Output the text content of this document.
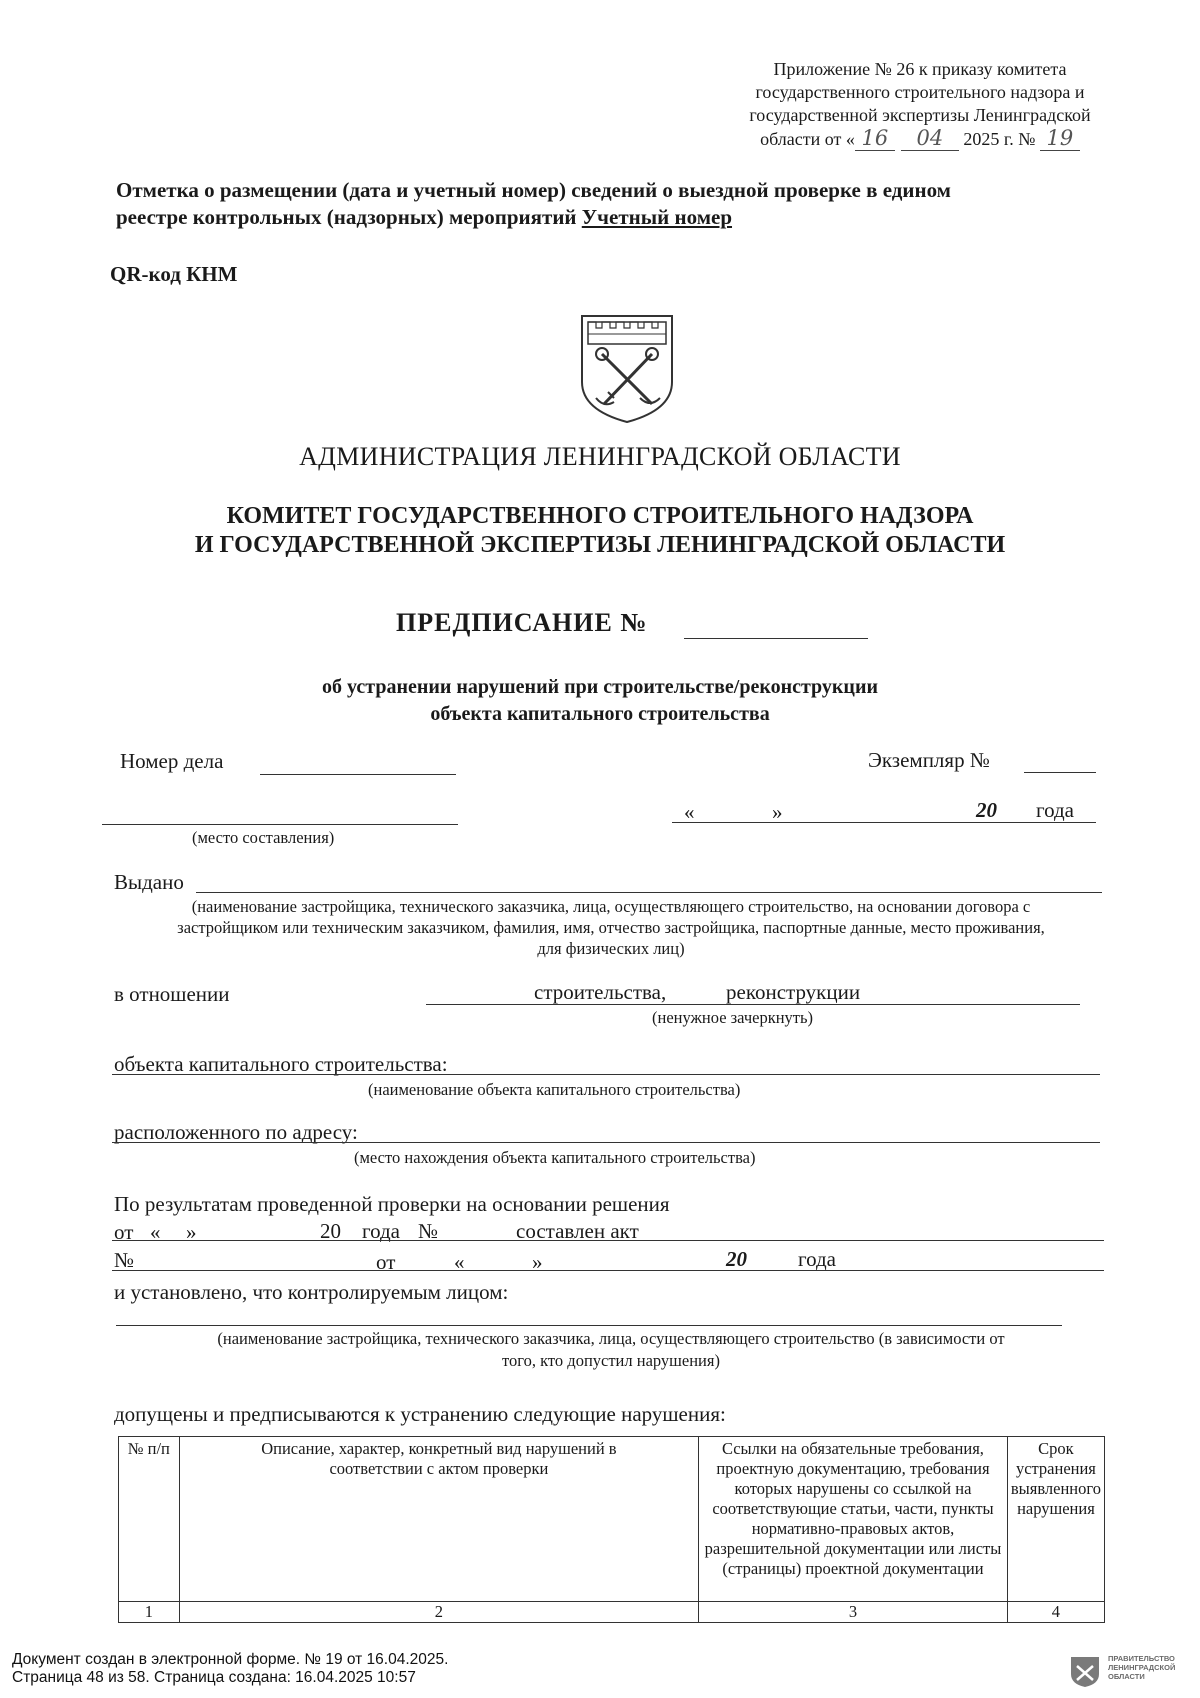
Приложение № 26 к приказу комитета
государственного строительного надзора и
государственной экспертизы Ленинградской
области от « 16 04 2025 г. № 19
Отметка о размещении (дата и учетный номер) сведений о выездной проверке в едином
реестре контрольных (надзорных) мероприятий Учетный номер
QR-код КНМ
АДМИНИСТРАЦИЯ ЛЕНИНГРАДСКОЙ ОБЛАСТИ
КОМИТЕТ ГОСУДАРСТВЕННОГО СТРОИТЕЛЬНОГО НАДЗОРА
И ГОСУДАРСТВЕННОЙ ЭКСПЕРТИЗЫ ЛЕНИНГРАДСКОЙ ОБЛАСТИ
ПРЕДПИСАНИЕ №
об устранении нарушений при строительстве/реконструкции
объекта капитального строительства
Номер дела	Экземпляр №
«	»	20 года
(место составления)
Выдано
(наименование застройщика, технического заказчика, лица, осуществляющего строительство, на основании договора с
застройщиком или техническим заказчиком, фамилия, имя, отчество застройщика, паспортные данные, место проживания,
для физических лиц)
в отношении	строительства,	реконструкции
(ненужное зачеркнуть)
объекта капитального строительства:
(наименование объекта капитального строительства)
расположенного по адресу:
(место нахождения объекта капитального строительства)
По результатам проведенной проверки на основании решения
от « »	20 года №	составлен акт
№	от	«	»	20 года
и установлено, что контролируемым лицом:
(наименование застройщика, технического заказчика, лица, осуществляющего строительство (в зависимости от
того, кто допустил нарушения)
допущены и предписываются к устранению следующие нарушения:
№ п/п	Описание, характер, конкретный вид нарушений в соответствии с актом проверки	Ссылки на обязательные требования, проектную документацию, требования которых нарушены со ссылкой на соответствующие статьи, части, пункты нормативно-правовых актов, разрешительной документации или листы (страницы) проектной документации	Срок устранения выявленного нарушения
1	2	3	4
Документ создан в электронной форме. № 19 от 16.04.2025.
Страница 48 из 58. Страница создана: 16.04.2025 10:57
ПРАВИТЕЛЬСТВО
ЛЕНИНГРАДСКОЙ
ОБЛАСТИ
